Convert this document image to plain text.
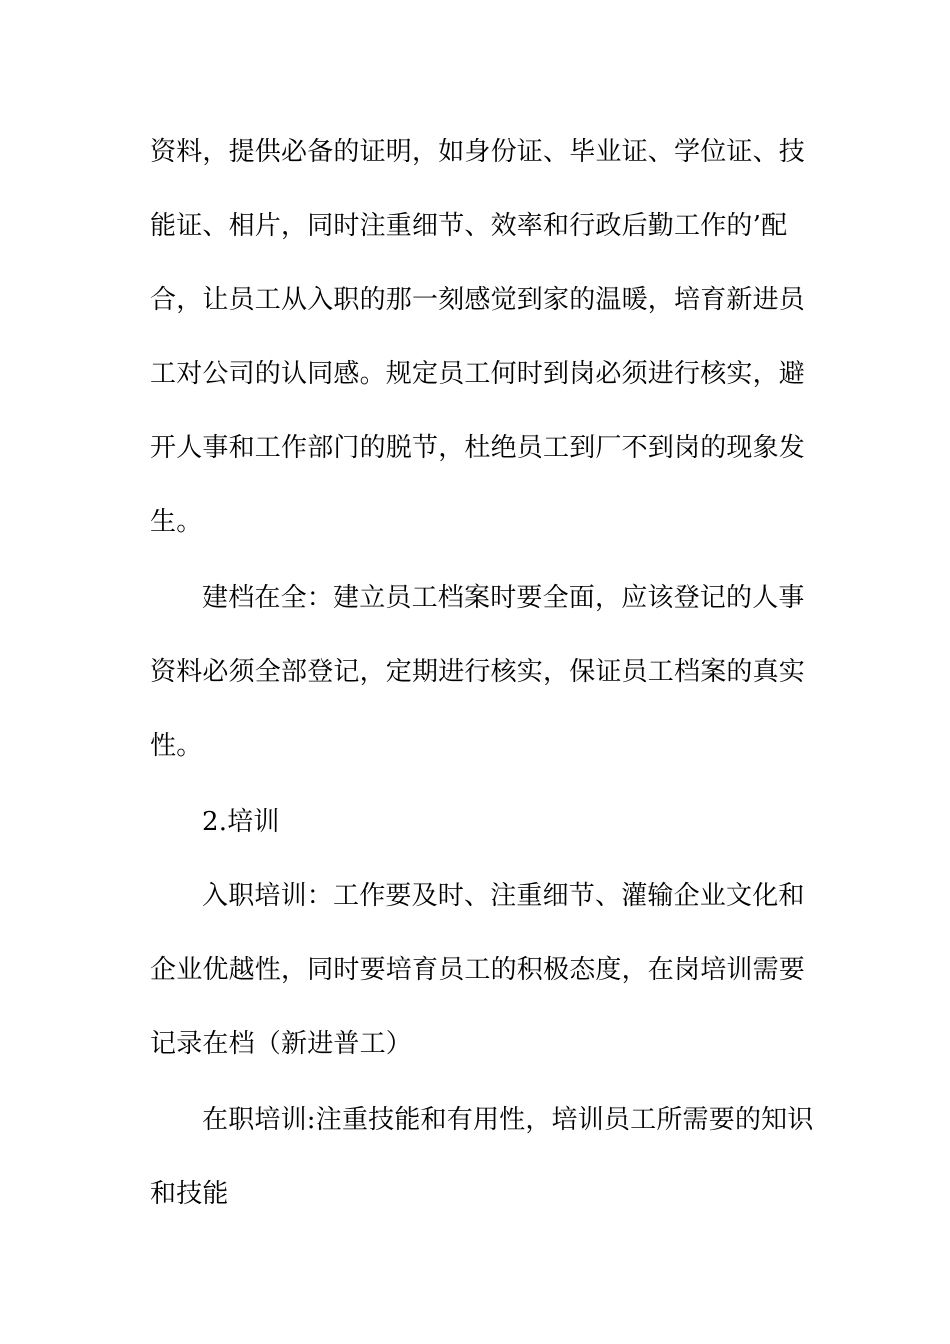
资料，提供必备的证明，如身份证、毕业证、学位证、技

能证、相片，同时注重细节、效率和行政后勤工作的’配

合，让员工从入职的那一刻感觉到家的温暖，培育新进员

工对公司的认同感。规定员工何时到岗必须进行核实，避

开人事和工作部门的脱节，杜绝员工到厂不到岗的现象发

生。

建档在全：建立员工档案时要全面，应该登记的人事

资料必须全部登记，定期进行核实，保证员工档案的真实

性。

2.培训

入职培训：工作要及时、注重细节、灌输企业文化和

企业优越性，同时要培育员工的积极态度，在岗培训需要

记录在档（新进普工）

在职培训:注重技能和有用性，培训员工所需要的知识

和技能
